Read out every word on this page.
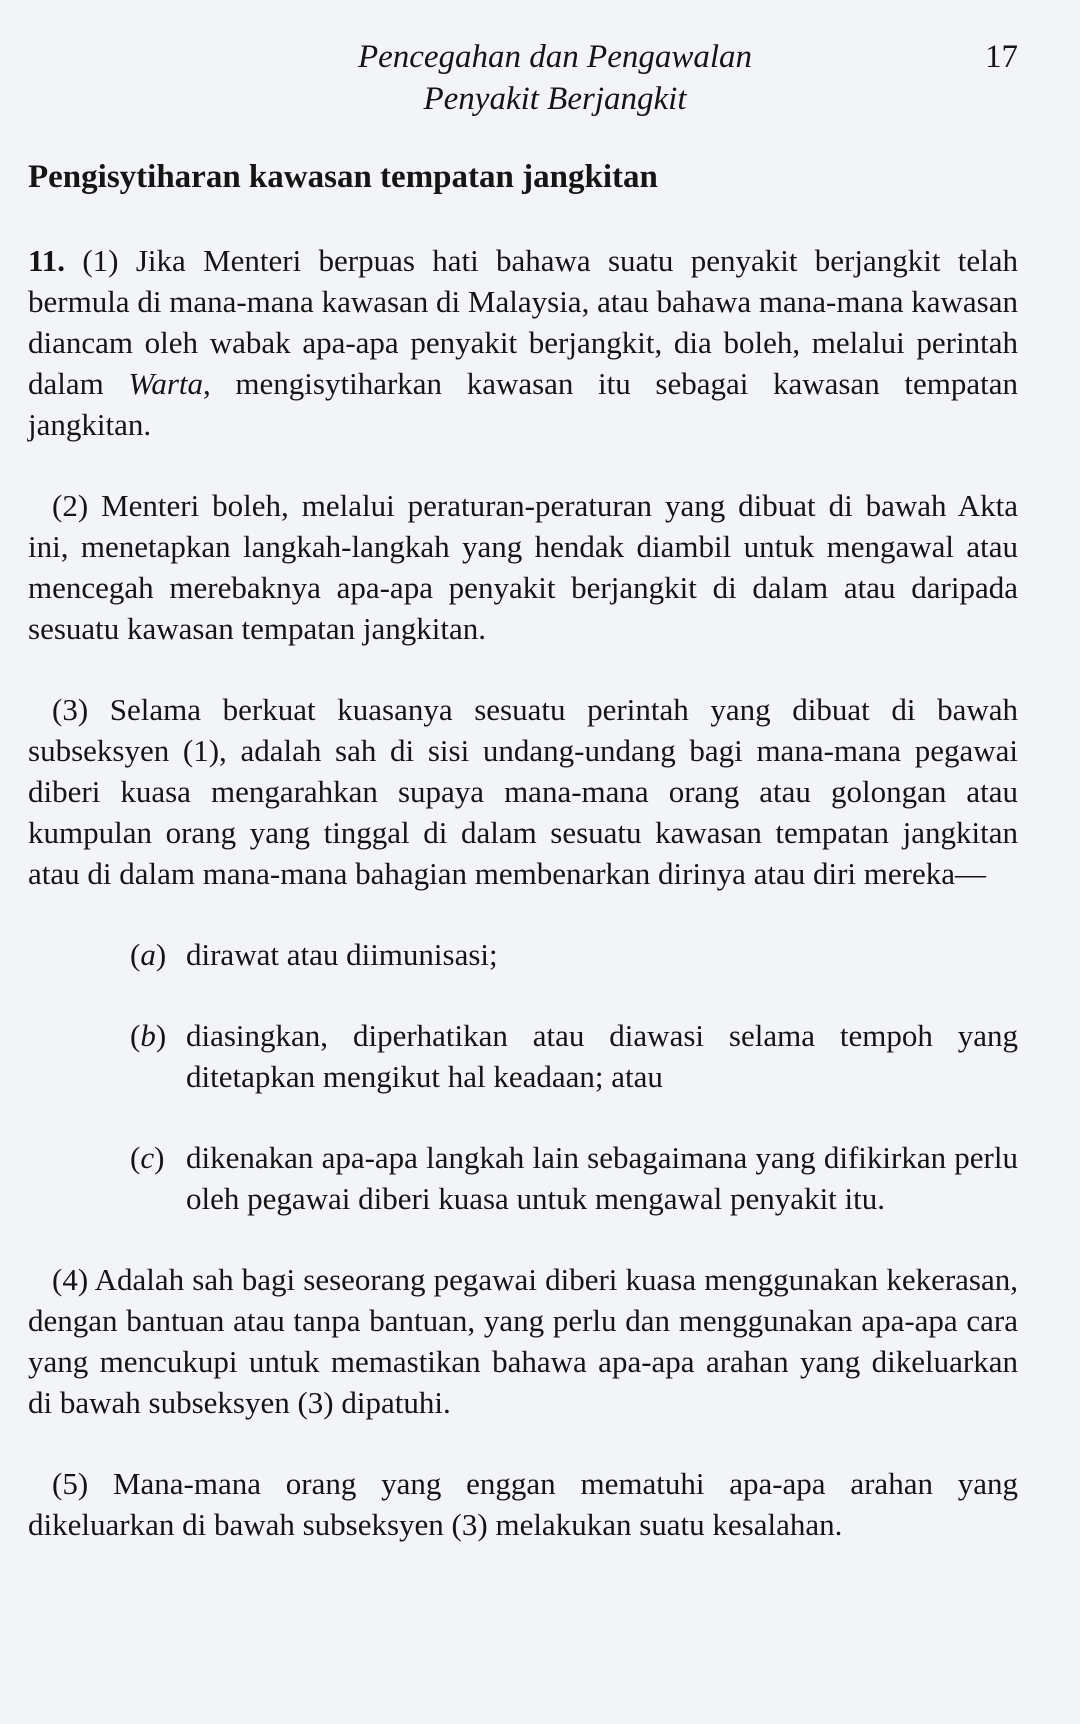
Pencegahan dan Pengawalan
Penyakit Berjangkit
17
Pengisytiharan kawasan tempatan jangkitan

11. (1) Jika Menteri berpuas hati bahawa suatu penyakit berjangkit telah bermula di mana-mana kawasan di Malaysia, atau bahawa mana-mana kawasan diancam oleh wabak apa-apa penyakit berjangkit, dia boleh, melalui perintah dalam Warta, mengisytiharkan kawasan itu sebagai kawasan tempatan jangkitan.

(2) Menteri boleh, melalui peraturan-peraturan yang dibuat di bawah Akta ini, menetapkan langkah-langkah yang hendak diambil untuk mengawal atau mencegah merebaknya apa-apa penyakit berjangkit di dalam atau daripada sesuatu kawasan tempatan jangkitan.

(3) Selama berkuat kuasanya sesuatu perintah yang dibuat di bawah subseksyen (1), adalah sah di sisi undang-undang bagi mana-mana pegawai diberi kuasa mengarahkan supaya mana-mana orang atau golongan atau kumpulan orang yang tinggal di dalam sesuatu kawasan tempatan jangkitan atau di dalam mana-mana bahagian membenarkan dirinya atau diri mereka—

(a) dirawat atau diimunisasi;
(b) diasingkan, diperhatikan atau diawasi selama tempoh yang ditetapkan mengikut hal keadaan; atau
(c) dikenakan apa-apa langkah lain sebagaimana yang difikirkan perlu oleh pegawai diberi kuasa untuk mengawal penyakit itu.

(4) Adalah sah bagi seseorang pegawai diberi kuasa menggunakan kekerasan, dengan bantuan atau tanpa bantuan, yang perlu dan menggunakan apa-apa cara yang mencukupi untuk memastikan bahawa apa-apa arahan yang dikeluarkan di bawah subseksyen (3) dipatuhi.

(5) Mana-mana orang yang enggan mematuhi apa-apa arahan yang dikeluarkan di bawah subseksyen (3) melakukan suatu kesalahan.
